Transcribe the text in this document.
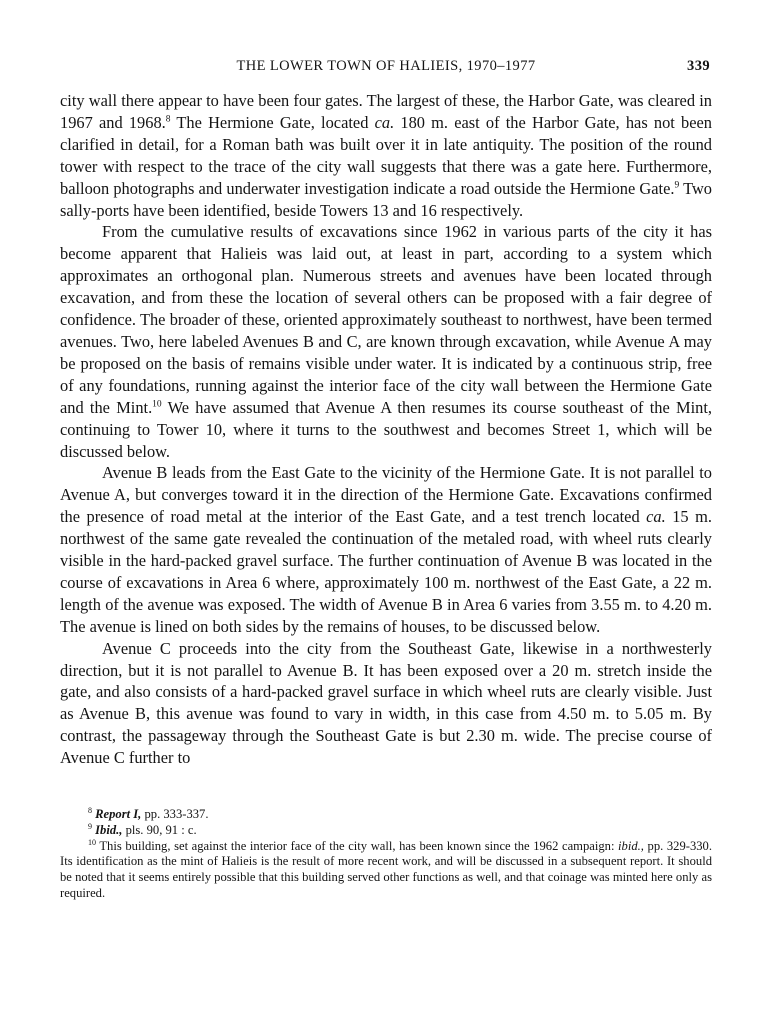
THE LOWER TOWN OF HALIEIS, 1970–1977	339

city wall there appear to have been four gates. The largest of these, the Harbor Gate, was cleared in 1967 and 1968.$^8$ The Hermione Gate, located ca. 180 m. east of the Harbor Gate, has not been clarified in detail, for a Roman bath was built over it in late antiquity. The position of the round tower with respect to the trace of the city wall suggests that there was a gate here. Furthermore, balloon photographs and underwater investigation indicate a road outside the Hermione Gate.$^9$ Two sally-ports have been identified, beside Towers 13 and 16 respectively.

From the cumulative results of excavations since 1962 in various parts of the city it has become apparent that Halieis was laid out, at least in part, according to a system which approximates an orthogonal plan. Numerous streets and avenues have been located through excavation, and from these the location of several others can be proposed with a fair degree of confidence. The broader of these, oriented approximately southeast to northwest, have been termed avenues. Two, here labeled Avenues B and C, are known through excavation, while Avenue A may be proposed on the basis of remains visible under water. It is indicated by a continuous strip, free of any foundations, running against the interior face of the city wall between the Hermione Gate and the Mint.$^{10}$ We have assumed that Avenue A then resumes its course southeast of the Mint, continuing to Tower 10, where it turns to the southwest and becomes Street 1, which will be discussed below.

Avenue B leads from the East Gate to the vicinity of the Hermione Gate. It is not parallel to Avenue A, but converges toward it in the direction of the Hermione Gate. Excavations confirmed the presence of road metal at the interior of the East Gate, and a test trench located ca. 15 m. northwest of the same gate revealed the continuation of the metaled road, with wheel ruts clearly visible in the hard-packed gravel surface. The further continuation of Avenue B was located in the course of excavations in Area 6 where, approximately 100 m. northwest of the East Gate, a 22 m. length of the avenue was exposed. The width of Avenue B in Area 6 varies from 3.55 m. to 4.20 m. The avenue is lined on both sides by the remains of houses, to be discussed below.

Avenue C proceeds into the city from the Southeast Gate, likewise in a northwesterly direction, but it is not parallel to Avenue B. It has been exposed over a 20 m. stretch inside the gate, and also consists of a hard-packed gravel surface in which wheel ruts are clearly visible. Just as Avenue B, this avenue was found to vary in width, in this case from 4.50 m. to 5.05 m. By contrast, the passageway through the Southeast Gate is but 2.30 m. wide. The precise course of Avenue C further to

$^8$ Report I, pp. 333-337.

$^9$ Ibid., pls. 90, 91 : c.

$^{10}$ This building, set against the interior face of the city wall, has been known since the 1962 campaign: ibid., pp. 329-330. Its identification as the mint of Halieis is the result of more recent work, and will be discussed in a subsequent report. It should be noted that it seems entirely possible that this building served other functions as well, and that coinage was minted here only as required.
